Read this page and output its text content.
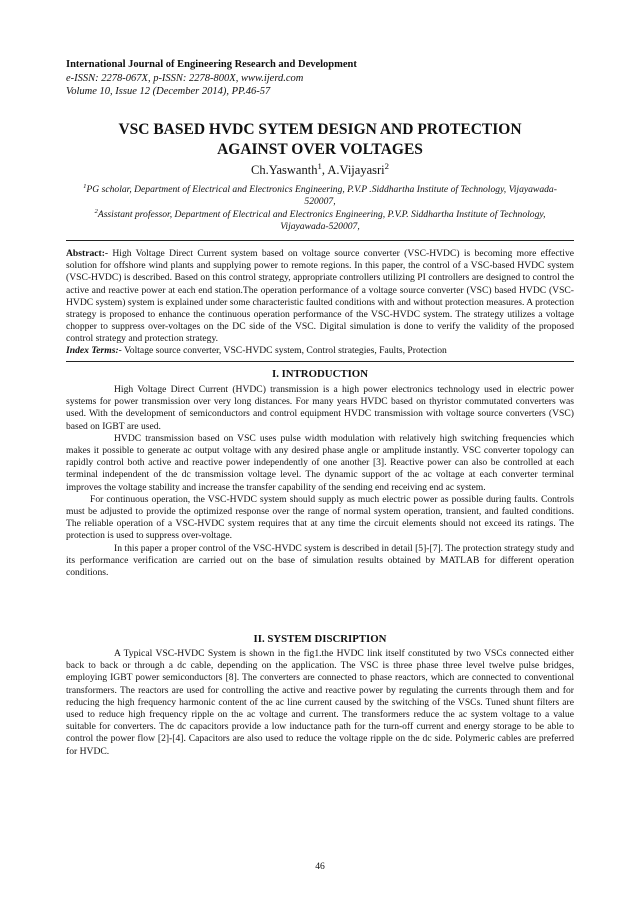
International Journal of Engineering Research and Development
e-ISSN: 2278-067X, p-ISSN: 2278-800X, www.ijerd.com
Volume 10, Issue 12 (December 2014), PP.46-57
VSC BASED HVDC SYTEM DESIGN AND PROTECTION
AGAINST OVER VOLTAGES
Ch.Yaswanth$^1$, A.Vijayasri$^2$
$^1$PG scholar, Department of Electrical and Electronics Engineering, P.V.P .Siddhartha Institute of Technology, Vijayawada-520007,
$^2$Assistant professor, Department of Electrical and Electronics Engineering, P.V.P. Siddhartha Institute of Technology, Vijayawada-520007,
Abstract:- High Voltage Direct Current system based on voltage source converter (VSC-HVDC) is becoming more effective solution for offshore wind plants and supplying power to remote regions. In this paper, the control of a VSC-based HVDC system (VSC-HVDC) is described. Based on this control strategy, appropriate controllers utilizing PI controllers are designed to control the active and reactive power at each end station.The operation performance of a voltage source converter (VSC) based HVDC (VSC-HVDC system) system is explained under some characteristic faulted conditions with and without protection measures. A protection strategy is proposed to enhance the continuous operation performance of the VSC-HVDC system. The strategy utilizes a voltage chopper to suppress over-voltages on the DC side of the VSC. Digital simulation is done to verify the validity of the proposed control strategy and protection strategy.
Index Terms:- Voltage source converter, VSC-HVDC system, Control strategies, Faults, Protection
I. INTRODUCTION

High Voltage Direct Current (HVDC) transmission is a high power electronics technology used in electric power systems for power transmission over very long distances. For many years HVDC based on thyristor commutated converters was used. With the development of semiconductors and control equipment HVDC transmission with voltage source converters (VSC) based on IGBT are used.

HVDC transmission based on VSC uses pulse width modulation with relatively high switching frequencies which makes it possible to generate ac output voltage with any desired phase angle or amplitude instantly. VSC converter topology can rapidly control both active and reactive power independently of one another [3]. Reactive power can also be controlled at each terminal independent of the dc transmission voltage level. The dynamic support of the ac voltage at each converter terminal improves the voltage stability and increase the transfer capability of the sending end receiving end ac system.

For continuous operation, the VSC-HVDC system should supply as much electric power as possible during faults. Controls must be adjusted to provide the optimized response over the range of normal system operation, transient, and faulted conditions. The reliable operation of a VSC-HVDC system requires that at any time the circuit elements should not exceed its ratings. The protection is used to suppress over-voltage.

In this paper a proper control of the VSC-HVDC system is described in detail [5]-[7]. The protection strategy study and its performance verification are carried out on the base of simulation results obtained by MATLAB for different operation conditions.

II. SYSTEM DISCRIPTION

A Typical VSC-HVDC System is shown in the fig1.the HVDC link itself constituted by two VSCs connected either back to back or through a dc cable, depending on the application. The VSC is three phase three level twelve pulse bridges, employing IGBT power semiconductors [8]. The converters are connected to phase reactors, which are connected to conventional transformers. The reactors are used for controlling the active and reactive power by regulating the currents through them and for reducing the high frequency harmonic content of the ac line current caused by the switching of the VSCs. Tuned shunt filters are used to reduce high frequency ripple on the ac voltage and current. The transformers reduce the ac system voltage to a value suitable for converters. The dc capacitors provide a low inductance path for the turn-off current and energy storage to be able to control the power flow [2]-[4]. Capacitors are also used to reduce the voltage ripple on the dc side. Polymeric cables are preferred for HVDC.

46
